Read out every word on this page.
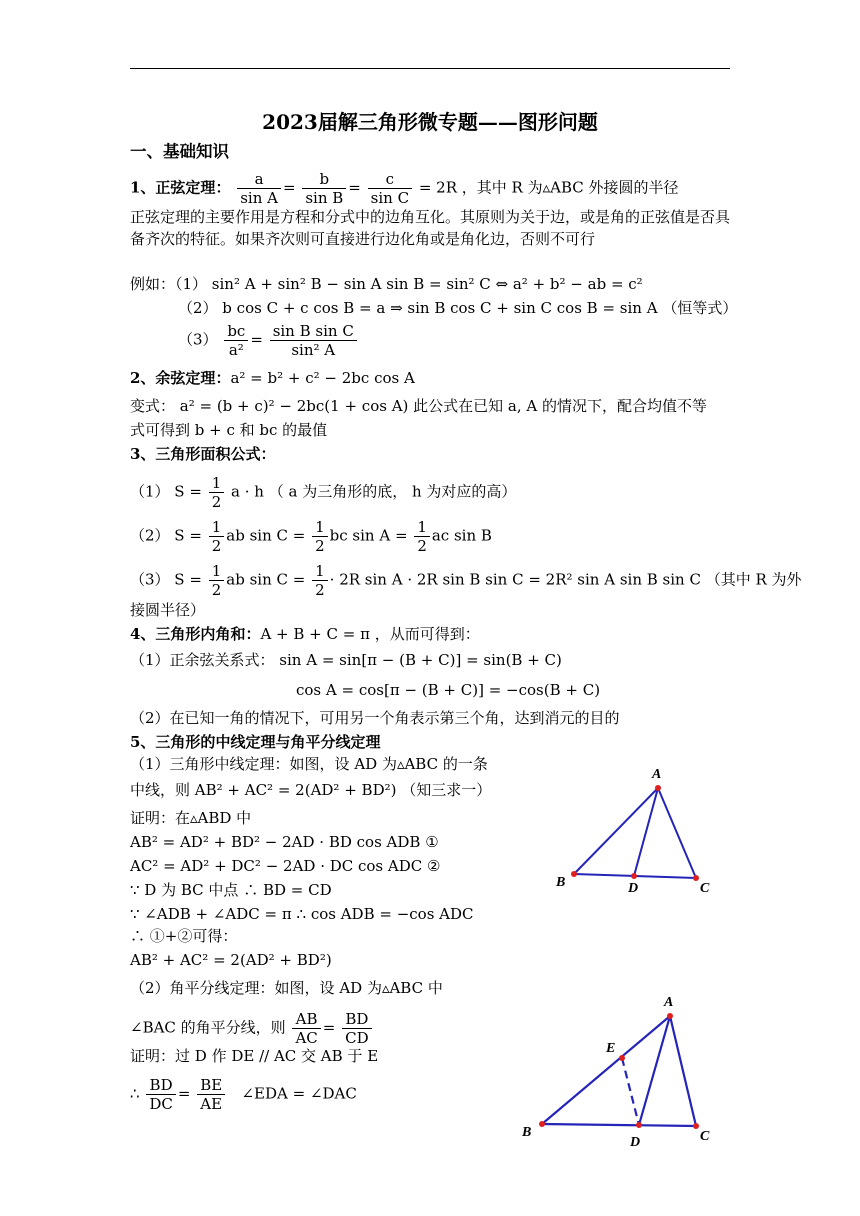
2023届解三角形微专题——图形问题
一、基础知识
1、正弦定理： $\frac{a}{\text{sin A}} = \frac{b}{\text{sin B}} = \frac{c}{\text{sin C}} = 2R$ ，其中 R 为▵ABC 外接圆的半径
正弦定理的主要作用是方程和分式中的边角互化。其原则为关于边，或是角的正弦值是否具备齐次的特征。如果齐次则可直接进行边化角或是角化边，否则不可行
例如：（1） sin² A + sin² B − sin A sin B = sin² C ⇔ a² + b² − ab = c²
（2） b cos C + c cos B = a ⇒ sin B cos C + sin C cos B = sin A （恒等式）
$(3) \frac{bc}{\text{a²}} = \frac{\text{sin B sin C}}{\text{sin² A}}$
2、余弦定理：a² = b² + c² − 2bc cos A
变式： a² = (b + c)² − 2bc(1 + cos A) 此公式在已知 a, A 的情况下，配合均值不等
式可得到 b + c 和 bc 的最值
3、三角形面积公式：
（1） $S = \frac{1}{2}$ a · h （ a 为三角形的底， h 为对应的高）
（2） $S = \frac{1}{2}$ ab $\sin C = \frac{1}{2}$ bc $\sin A = \frac{1}{2}$ ac sin B
（3） $S = \frac{1}{2}$ ab $\sin C = \frac{1}{2} \cdot 2R$ sin A · 2R sin B sin C = 2R² sin A sin B sin C （其中 R 为外
接圆半径）
4、三角形内角和：A + B + C = π ，从而可得到：
（1）正余弦关系式： sin A = sin[π − (B + C)] = sin(B + C)
cos A = cos[π − (B + C)] = −cos(B + C)
（2）在已知一角的情况下，可用另一个角表示第三个角，达到消元的目的
5、三角形的中线定理与角平分线定理
（1）三角形中线定理：如图，设 AD 为▵ABC 的一条
中线，则 AB² + AC² = 2(AD² + BD²) （知三求一）
证明：在▵ABD 中
AB² = AD² + BD² − 2AD · BD cos ADB ①
AC² = AD² + DC² − 2AD · DC cos ADC ②
∵ D 为 BC 中点 ∴ BD = CD
∵ ∠ADB + ∠ADC = π ∴ cos ADB = −cos ADC
∴ ①+②可得：
AB² + AC² = 2(AD² + BD²)
（2）角平分线定理：如图，设 AD 为▵ABC 中
∠BAC 的角平分线，则 $\frac{AB}{AC} = \frac{BD}{CD}$
证明：过 D 作 DE // AC 交 AB 于 E
∴ $\frac{BD}{DC} = \frac{BE}{AE}$ ∠EDA = ∠DAC
A
B	C
D
A
B	C
D
E
